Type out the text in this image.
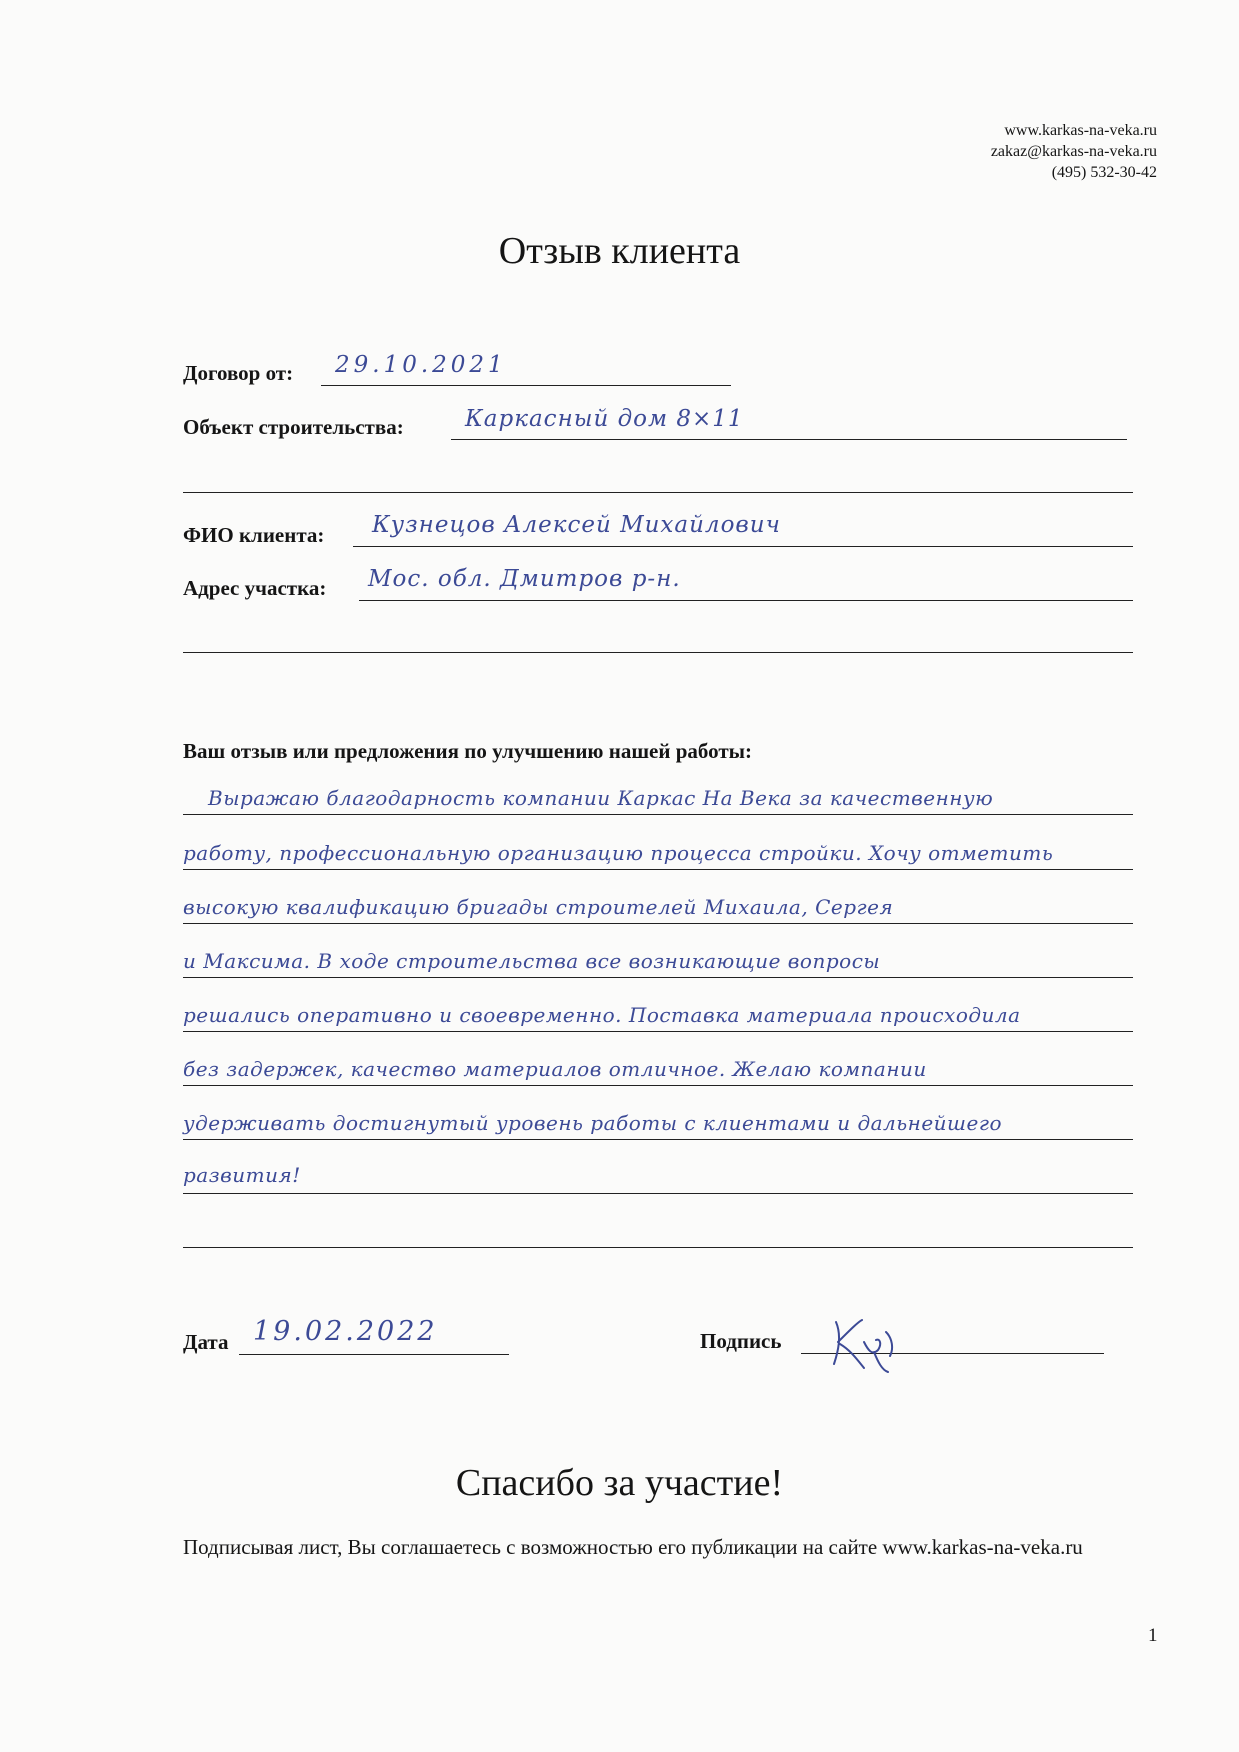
www.karkas-na-veka.ru
zakaz@karkas-na-veka.ru
(495) 532-30-42
Отзыв клиента
Договор от: 29.10.2021
Объект строительства:	Каркасный дом 8×11
ФИО клиента: Кузнецов Алексей Михайлович
Адрес участка: Мос. обл. Дмитров р-н.
Ваш отзыв или предложения по улучшению нашей работы:
Выражаю благодарность компании Каркас На Века за качественную
работу, профессиональную организацию процесса стройки. Хочу отметить
высокую квалификацию бригады строителей Михаила, Сергея
и Максима. В ходе строительства все возникающие вопросы
решались оперативно и своевременно. Поставка материала происходила
без задержек, качество материалов отличное. Желаю компании
удерживать достигнутый уровень работы с клиентами и дальнейшего
развития!
Дата 19.02.2022	Подпись
Спасибо за участие!
Подписывая лист, Вы соглашаетесь с возможностью его публикации на сайте www.karkas-na-veka.ru
1
